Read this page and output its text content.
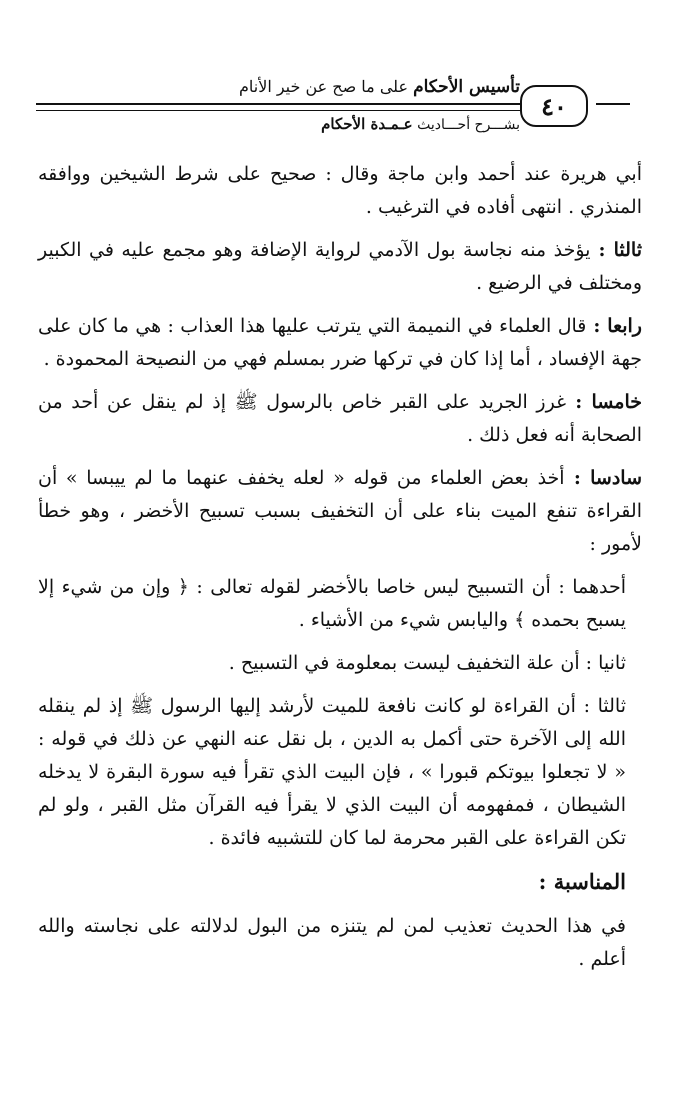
تأسيس الأحكام على ما صح عن خير الأنام
٤٠
بشـــرح أحـــاديث عـمـدة الأحكام

أبي هريرة عند أحمد وابن ماجة وقال : صحيح على شرط الشيخين ووافقه المنذري . انتهى أفاده في الترغيب .

ثالثا : يؤخذ منه نجاسة بول الآدمي لرواية الإضافة وهو مجمع عليه في الكبير ومختلف في الرضيع .

رابعا : قال العلماء في النميمة التي يترتب عليها هذا العذاب : هي ما كان على جهة الإفساد ، أما إذا كان في تركها ضرر بمسلم فهي من النصيحة المحمودة .

خامسا : غرز الجريد على القبر خاص بالرسول ﷺ إذ لم ينقل عن أحد من الصحابة أنه فعل ذلك .

سادسا : أخذ بعض العلماء من قوله « لعله يخفف عنهما ما لم ييبسا » أن القراءة تنفع الميت بناء على أن التخفيف بسبب تسبيح الأخضر ، وهو خطأ لأمور :

أحدهما : أن التسبيح ليس خاصا بالأخضر لقوله تعالى : ﴿ وإن من شيء إلا يسبح بحمده ﴾ واليابس شيء من الأشياء .

ثانيا : أن علة التخفيف ليست بمعلومة في التسبيح .

ثالثا : أن القراءة لو كانت نافعة للميت لأرشد إليها الرسول ﷺ إذ لم ينقله الله إلى الآخرة حتى أكمل به الدين ، بل نقل عنه النهي عن ذلك في قوله : « لا تجعلوا بيوتكم قبورا » ، فإن البيت الذي تقرأ فيه سورة البقرة لا يدخله الشيطان ، فمفهومه أن البيت الذي لا يقرأ فيه القرآن مثل القبر ، ولو لم تكن القراءة على القبر محرمة لما كان للتشبيه فائدة .

المناسبة :

في هذا الحديث تعذيب لمن لم يتنزه من البول لدلالته على نجاسته والله أعلم .
